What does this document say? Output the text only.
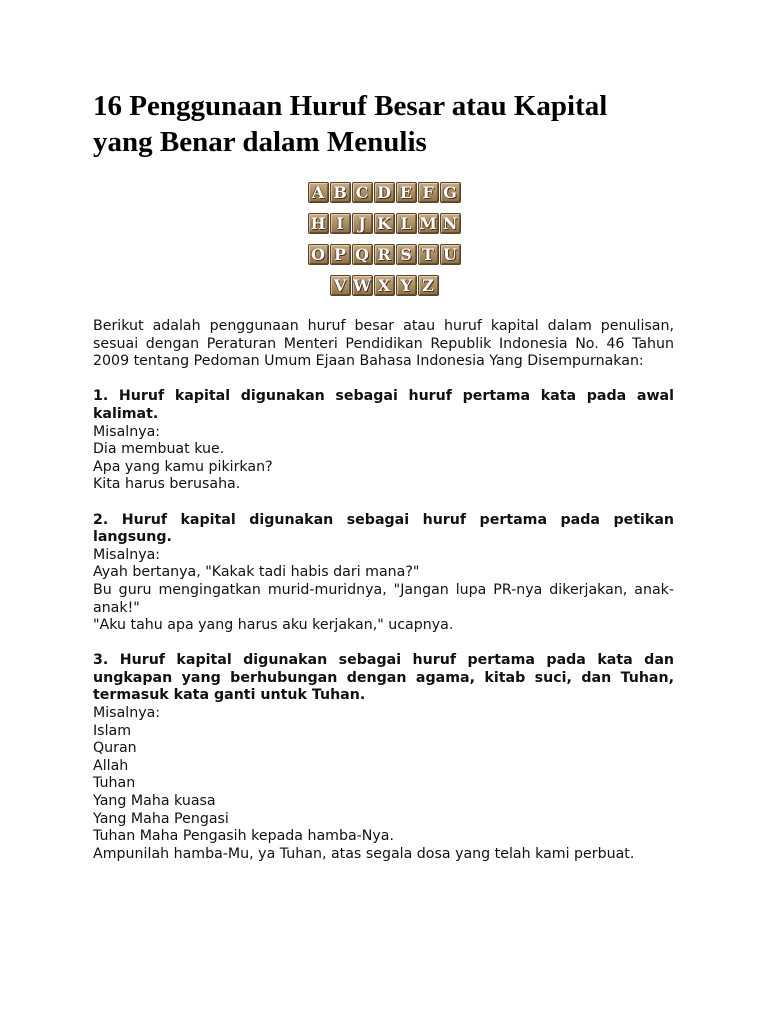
16 Penggunaan Huruf Besar atau Kapital
yang Benar dalam Menulis
A B C D E F G
H I J K L M N
O P Q R S T U
V W X Y Z

Berikut adalah penggunaan huruf besar atau huruf kapital dalam penulisan, sesuai dengan Peraturan Menteri Pendidikan Republik Indonesia No. 46 Tahun 2009 tentang Pedoman Umum Ejaan Bahasa Indonesia Yang Disempurnakan:

1. Huruf kapital digunakan sebagai huruf pertama kata pada awal kalimat.

Misalnya:

Dia membuat kue.

Apa yang kamu pikirkan?

Kita harus berusaha.

2. Huruf kapital digunakan sebagai huruf pertama pada petikan langsung.

Misalnya:

Ayah bertanya, "Kakak tadi habis dari mana?"

Bu guru mengingatkan murid-muridnya, "Jangan lupa PR-nya dikerjakan, anak-anak!"

"Aku tahu apa yang harus aku kerjakan," ucapnya.

3. Huruf kapital digunakan sebagai huruf pertama pada kata dan ungkapan yang berhubungan dengan agama, kitab suci, dan Tuhan, termasuk kata ganti untuk Tuhan.

Misalnya:

Islam

Quran

Allah

Tuhan

Yang Maha kuasa

Yang Maha Pengasi

Tuhan Maha Pengasih kepada hamba-Nya.

Ampunilah hamba-Mu, ya Tuhan, atas segala dosa yang telah kami perbuat.
